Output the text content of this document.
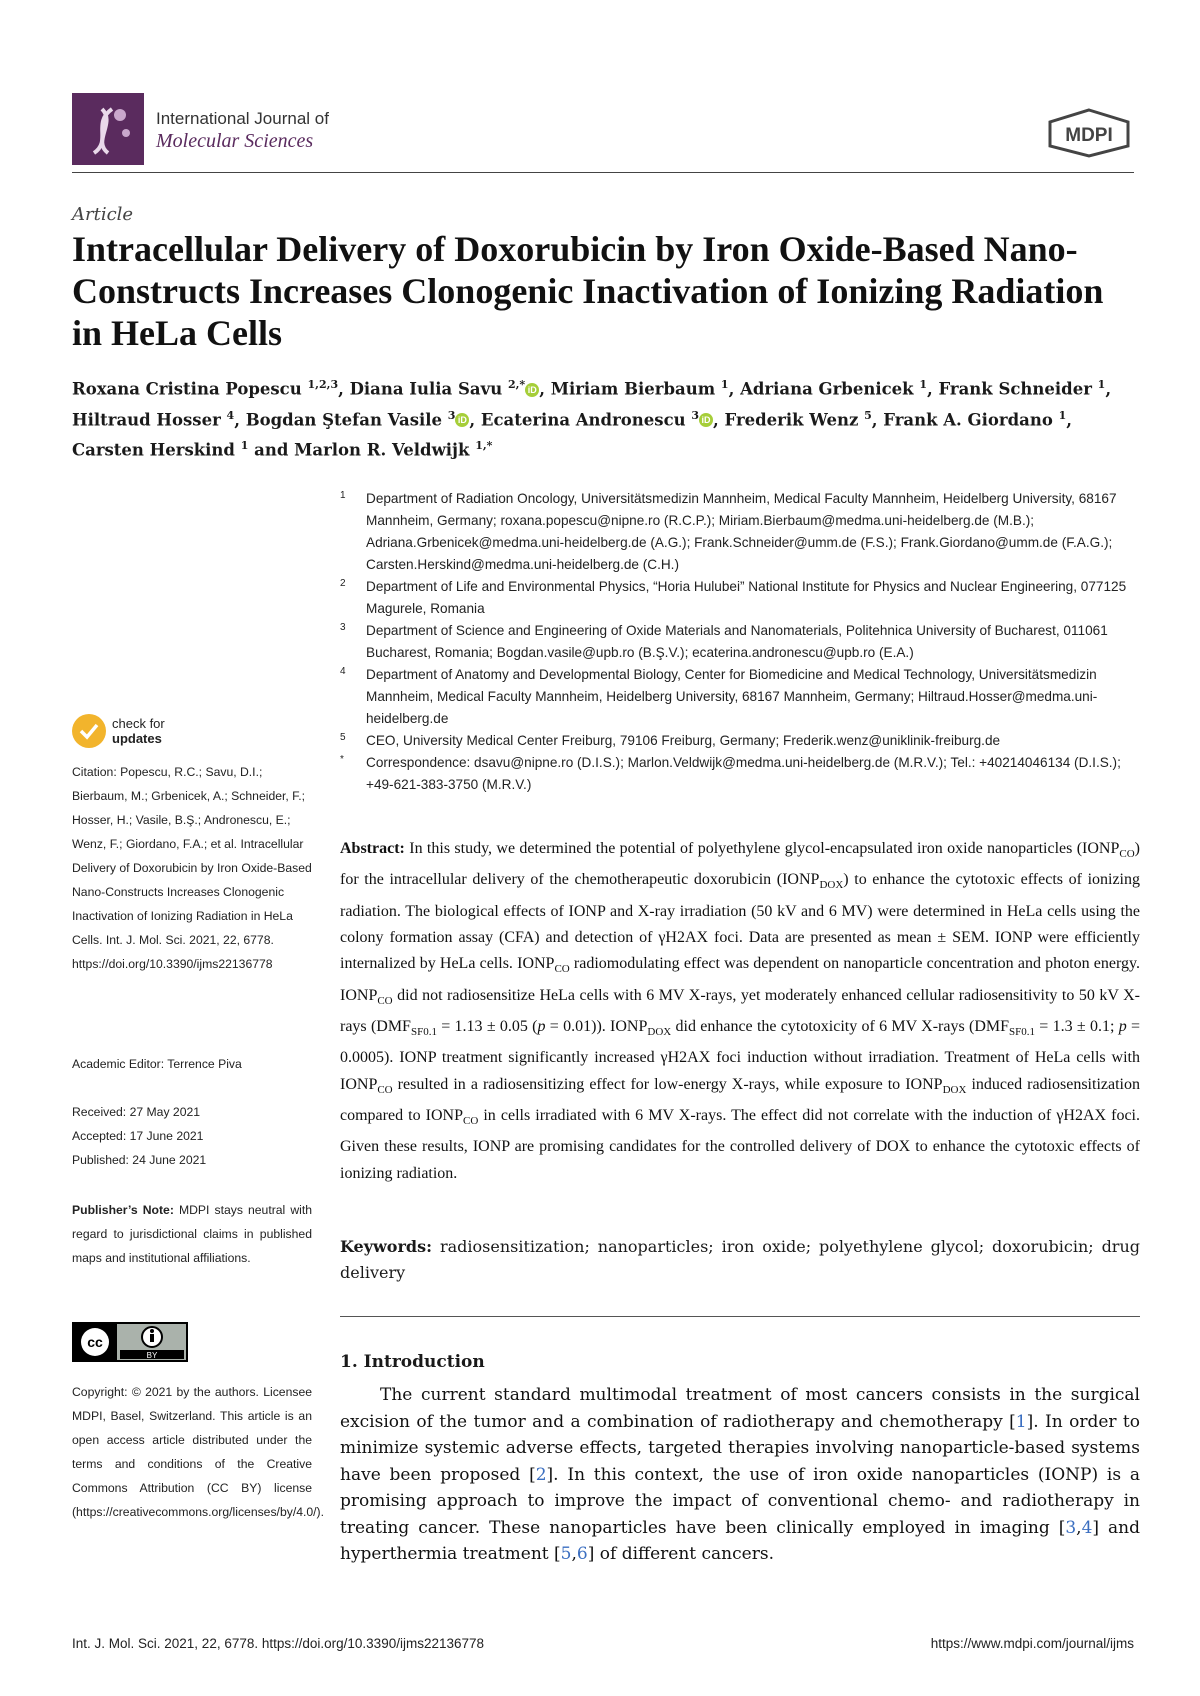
International Journal of
Molecular Sciences	MDPI
Article
Intracellular Delivery of Doxorubicin by Iron Oxide-Based Nano-Constructs Increases Clonogenic Inactivation of Ionizing Radiation in HeLa Cells

Roxana Cristina Popescu $^{1,2,3}$, Diana Iulia Savu $^{2,*}$ iD , Miriam Bierbaum $^1$, Adriana Grbenicek $^1$, Frank Schneider $^1$, Hiltraud Hosser $^4$, Bogdan Ştefan Vasile $^3$ iD , Ecaterina Andronescu $^3$ iD , Frederik Wenz $^5$, Frank A. Giordano $^1$, Carsten Herskind $^1$ and Marlon R. Veldwijk $^{1,*}$

1 Department of Radiation Oncology, Universitätsmedizin Mannheim, Medical Faculty Mannheim, Heidelberg University, 68167 Mannheim, Germany; roxana.popescu@nipne.ro (R.C.P.); Miriam.Bierbaum@medma.uni-heidelberg.de (M.B.); Adriana.Grbenicek@medma.uni-heidelberg.de (A.G.); Frank.Schneider@umm.de (F.S.); Frank.Giordano@umm.de (F.A.G.); Carsten.Herskind@medma.uni-heidelberg.de (C.H.)
2 Department of Life and Environmental Physics, “Horia Hulubei” National Institute for Physics and Nuclear Engineering, 077125 Magurele, Romania
3 Department of Science and Engineering of Oxide Materials and Nanomaterials, Politehnica University of Bucharest, 011061 Bucharest, Romania; Bogdan.vasile@upb.ro (B.Ş.V.); ecaterina.andronescu@upb.ro (E.A.)
4 Department of Anatomy and Developmental Biology, Center for Biomedicine and Medical Technology, Universitätsmedizin Mannheim, Medical Faculty Mannheim, Heidelberg University, 68167 Mannheim, Germany; Hiltraud.Hosser@medma.uni-heidelberg.de
5 CEO, University Medical Center Freiburg, 79106 Freiburg, Germany; Frederik.wenz@uniklinik-freiburg.de
* Correspondence: dsavu@nipne.ro (D.I.S.); Marlon.Veldwijk@medma.uni-heidelberg.de (M.R.V.); Tel.: +40214046134 (D.I.S.); +49-621-383-3750 (M.R.V.)
check for
updates
Citation: Popescu, R.C.; Savu, D.I.; Bierbaum, M.; Grbenicek, A.; Schneider, F.; Hosser, H.; Vasile, B.Ş.; Andronescu, E.; Wenz, F.; Giordano, F.A.; et al. Intracellular Delivery of Doxorubicin by Iron Oxide-Based Nano-Constructs Increases Clonogenic Inactivation of Ionizing Radiation in HeLa Cells. Int. J. Mol. Sci. 2021, 22, 6778. https://doi.org/10.3390/ijms22136778
Academic Editor: Terrence Piva
Received: 27 May 2021
Accepted: 17 June 2021
Published: 24 June 2021
Publisher’s Note: MDPI stays neutral with regard to jurisdictional claims in published maps and institutional affiliations.
cc
BY
Copyright: © 2021 by the authors. Licensee MDPI, Basel, Switzerland. This article is an open access article distributed under the terms and conditions of the Creative Commons Attribution (CC BY) license (https://creativecommons.org/licenses/by/4.0/).

Abstract: In this study, we determined the potential of polyethylene glycol-encapsulated iron oxide nanoparticles $(IONP_{CO})$ for the intracellular delivery of the chemotherapeutic doxorubicin $(IONP_{DOX})$ to enhance the cytotoxic effects of ionizing radiation. The biological effects of IONP and X-ray irradiation (50 kV and 6 MV) were determined in HeLa cells using the colony formation assay (CFA) and detection of γH2AX foci. Data are presented as mean ± SEM. IONP were efficiently internalized by HeLa cells. $IONP_{CO}$ radiomodulating effect was dependent on nanoparticle concentration and photon energy. $IONP_{CO}$ did not radiosensitize HeLa cells with 6 MV X-rays, yet moderately enhanced cellular radiosensitivity to 50 kV X-rays ($DMF_{SF0.1} = 1.13 \pm 0.05$ (p = 0.01)). $IONP_{DOX}$ did enhance the cytotoxicity of 6 MV X-rays ($DMF_{SF0.1} = 1.3 \pm 0.1$; p = 0.0005). IONP treatment significantly increased γH2AX foci induction without irradiation. Treatment of HeLa cells with $IONP_{CO}$ resulted in a radiosensitizing effect for low-energy X-rays, while exposure to $IONP_{DOX}$ induced radiosensitization compared to $IONP_{CO}$ in cells irradiated with 6 MV X-rays. The effect did not correlate with the induction of γH2AX foci. Given these results, IONP are promising candidates for the controlled delivery of DOX to enhance the cytotoxic effects of ionizing radiation.

Keywords: radiosensitization; nanoparticles; iron oxide; polyethylene glycol; doxorubicin; drug delivery

1. Introduction

The current standard multimodal treatment of most cancers consists in the surgical excision of the tumor and a combination of radiotherapy and chemotherapy [1]. In order to minimize systemic adverse effects, targeted therapies involving nanoparticle-based systems have been proposed [2]. In this context, the use of iron oxide nanoparticles (IONP) is a promising approach to improve the impact of conventional chemo- and radiotherapy in treating cancer. These nanoparticles have been clinically employed in imaging [3,4] and hyperthermia treatment [5,6] of different cancers.

Int. J. Mol. Sci. 2021, 22, 6778. https://doi.org/10.3390/ijms22136778	https://www.mdpi.com/journal/ijms
